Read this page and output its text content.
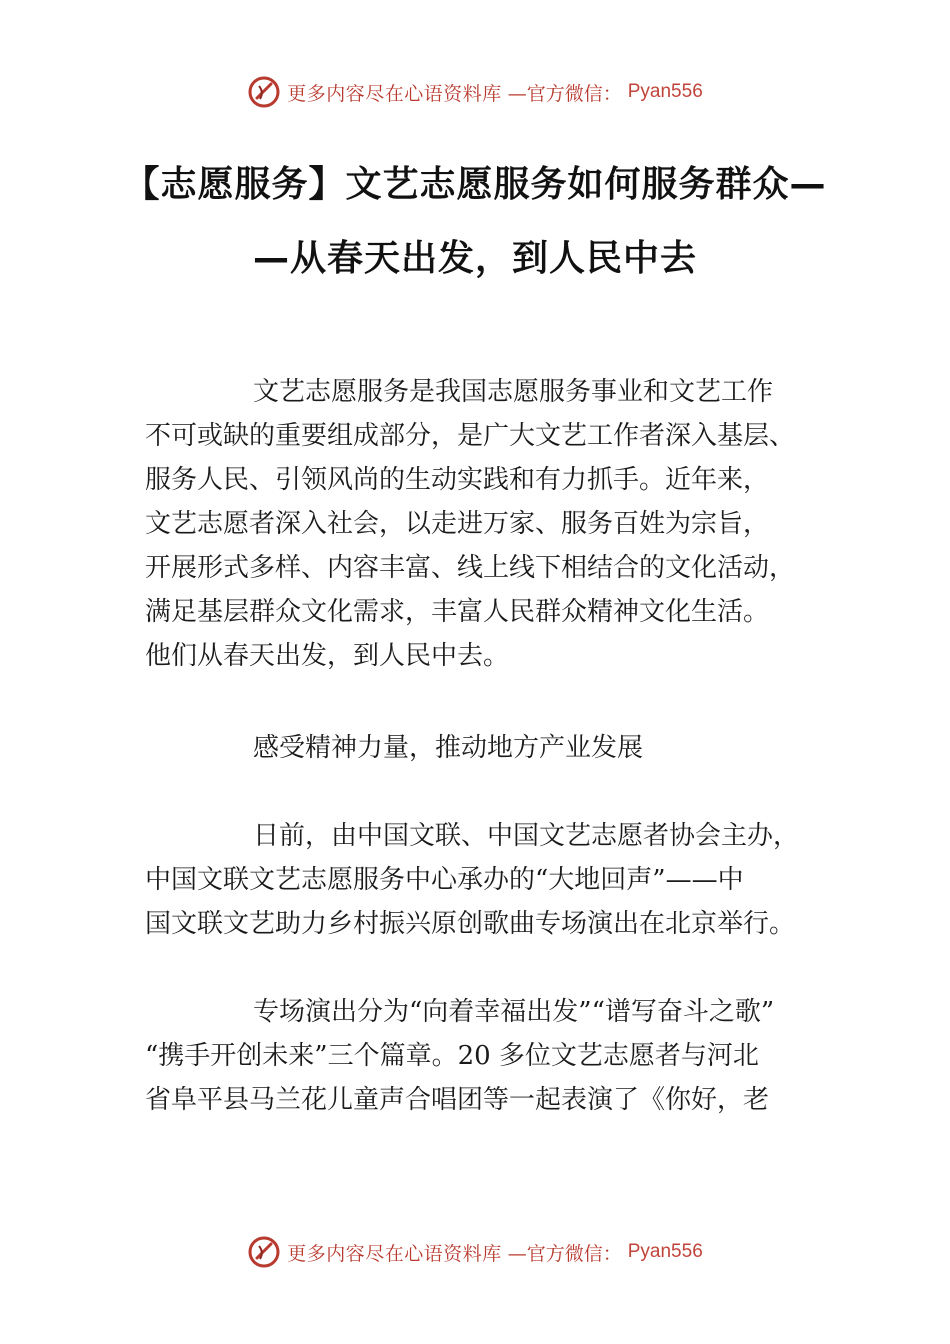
更多内容尽在心语资料库 —官方微信： Pyan556
【志愿服务】文艺志愿服务如何服务群众—
—从春天出发，到人民中去
文艺志愿服务是我国志愿服务事业和文艺工作
不可或缺的重要组成部分，是广大文艺工作者深入基层、
服务人民、引领风尚的生动实践和有力抓手。近年来，
文艺志愿者深入社会，以走进万家、服务百姓为宗旨，
开展形式多样、内容丰富、线上线下相结合的文化活动，
满足基层群众文化需求，丰富人民群众精神文化生活。
他们从春天出发，到人民中去。
感受精神力量，推动地方产业发展
日前，由中国文联、中国文艺志愿者协会主办，
中国文联文艺志愿服务中心承办的“大地回声”——中
国文联文艺助力乡村振兴原创歌曲专场演出在北京举行。
专场演出分为“向着幸福出发”“谱写奋斗之歌”
“携手开创未来”三个篇章。20 多位文艺志愿者与河北
省阜平县马兰花儿童声合唱团等一起表演了《你好，老
更多内容尽在心语资料库 —官方微信： Pyan556
